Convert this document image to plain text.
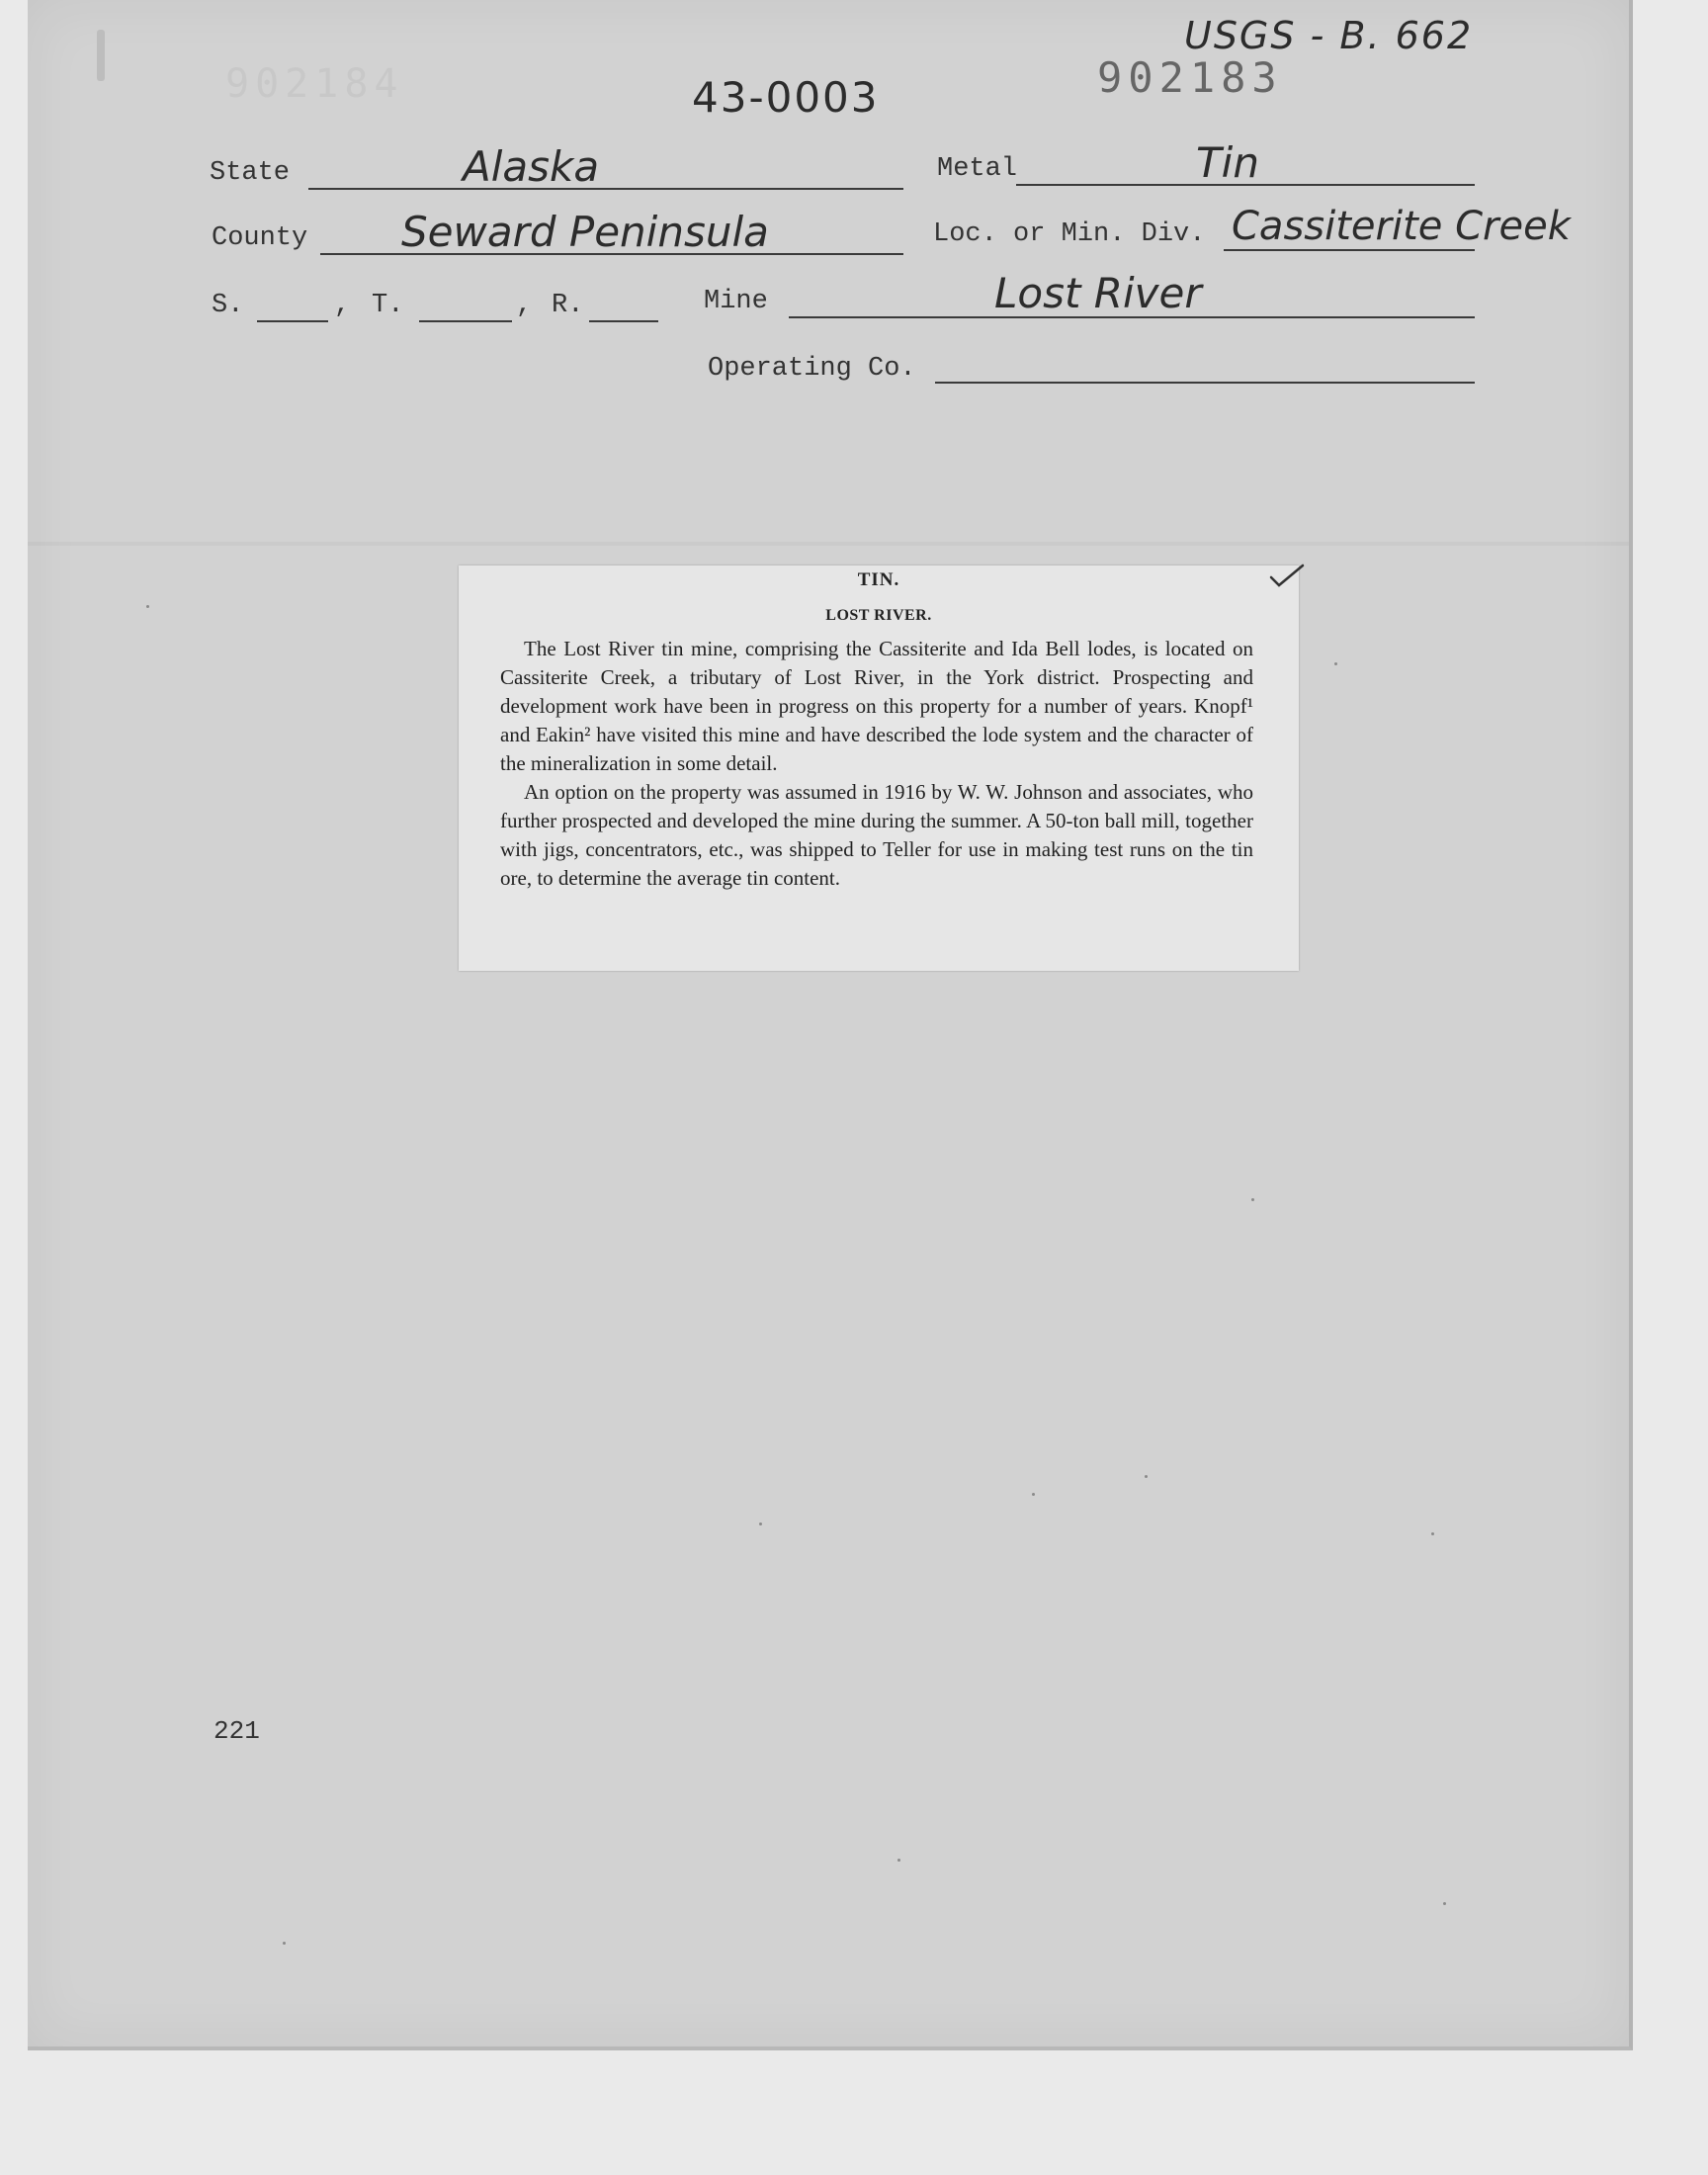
902184
USGS - B. 662
902183
43-0003
State	Alaska	Metal	Tin
County Seward Peninsula	Loc. or Min. Div. Cassiterite Creek
S.	, T.	, R.	Mine	Lost River
Operating Co.
TIN.
LOST RIVER.

The Lost River tin mine, comprising the Cassiterite and Ida Bell lodes, is located on Cassiterite Creek, a tributary of Lost River, in the York district. Prospecting and development work have been in progress on this property for a number of years. Knopf¹ and Eakin² have visited this mine and have described the lode system and the character of the mineralization in some detail.

An option on the property was assumed in 1916 by W. W. Johnson and associates, who further prospected and developed the mine during the summer. A 50-ton ball mill, together with jigs, concentrators, etc., was shipped to Teller for use in making test runs on the tin ore, to determine the average tin content.

221
